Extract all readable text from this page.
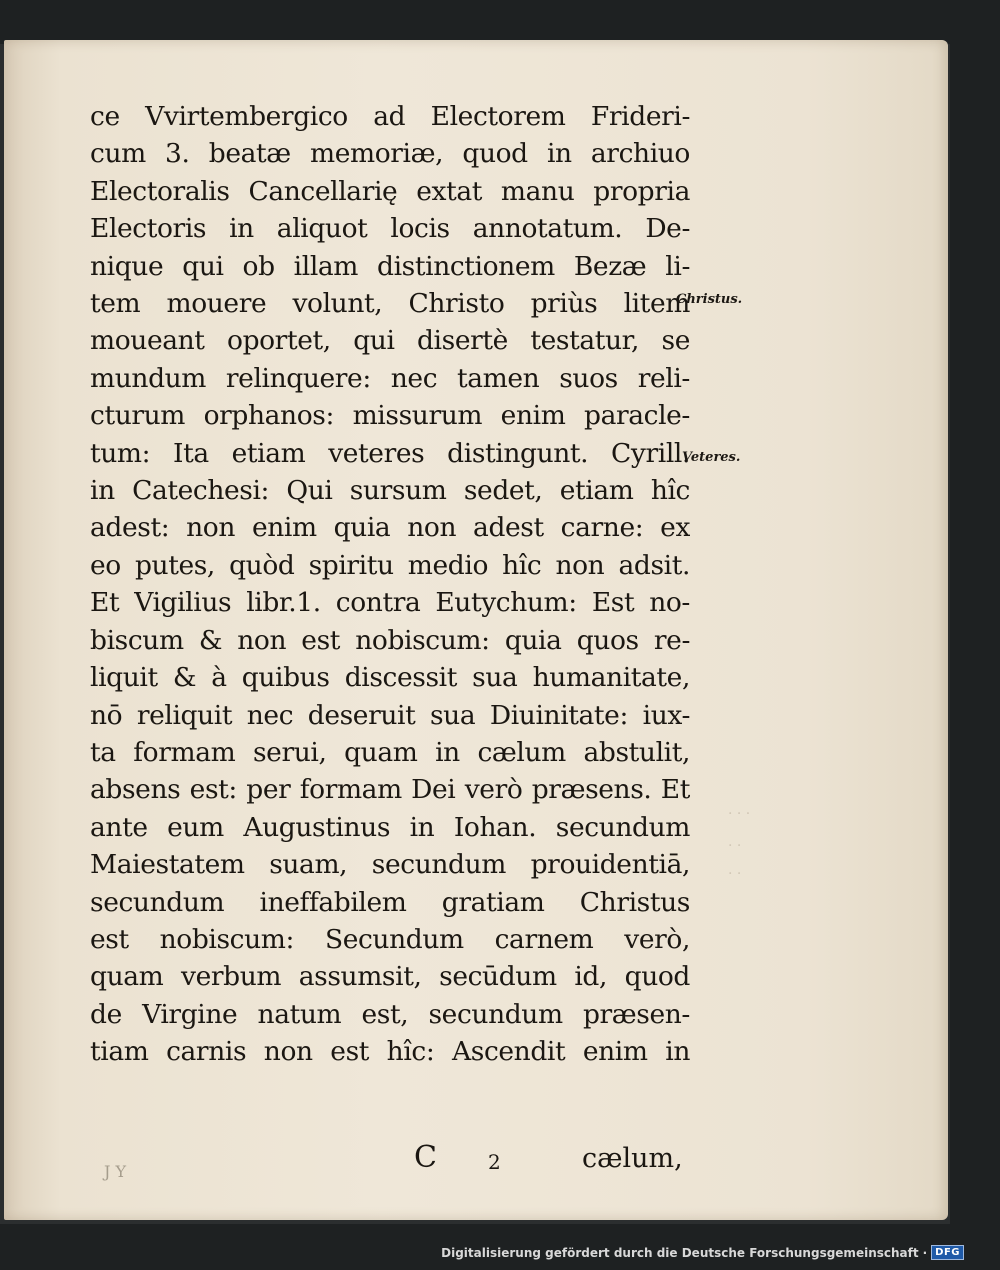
· · ·
. .
. .
ce Vvirtembergico ad Electorem Frideri-
cum 3. beatæ memoriæ, quod in archiuo
Electoralis Cancellarię extat manu propria
Electoris in aliquot locis annotatum. De-
nique qui ob illam distinctionem Bezæ li-
tem mouere volunt, Christo priùs litem
moueant oportet, qui disertè testatur, se
mundum relinquere: nec tamen suos reli-
cturum orphanos: missurum enim paracle-
tum: Ita etiam veteres distingunt. Cyrill.
in Catechesi: Qui sursum sedet, etiam hîc
adest: non enim quia non adest carne: ex
eo putes, quòd spiritu medio hîc non adsit.
Et Vigilius libr.1. contra Eutychum: Est no-
biscum & non est nobiscum: quia quos re-
liquit & à quibus discessit sua humanitate,
nō reliquit nec deseruit sua Diuinitate: iux-
ta formam serui, quam in cælum abstulit,
absens est: per formam Dei verò præsens. Et
ante eum Augustinus in Iohan. secundum
Maiestatem suam, secundum prouidentiā,
secundum ineffabilem gratiam Christus
est nobiscum: Secundum carnem verò,
quam verbum assumsit, secūdum id, quod
de Virgine natum est, secundum præsen-
tiam carnis non est hîc: Ascendit enim in
Christus.
Veteres.
C	2	cælum,
J Y
Digitalisierung gefördert durch die Deutsche Forschungsgemeinschaft · DFG
